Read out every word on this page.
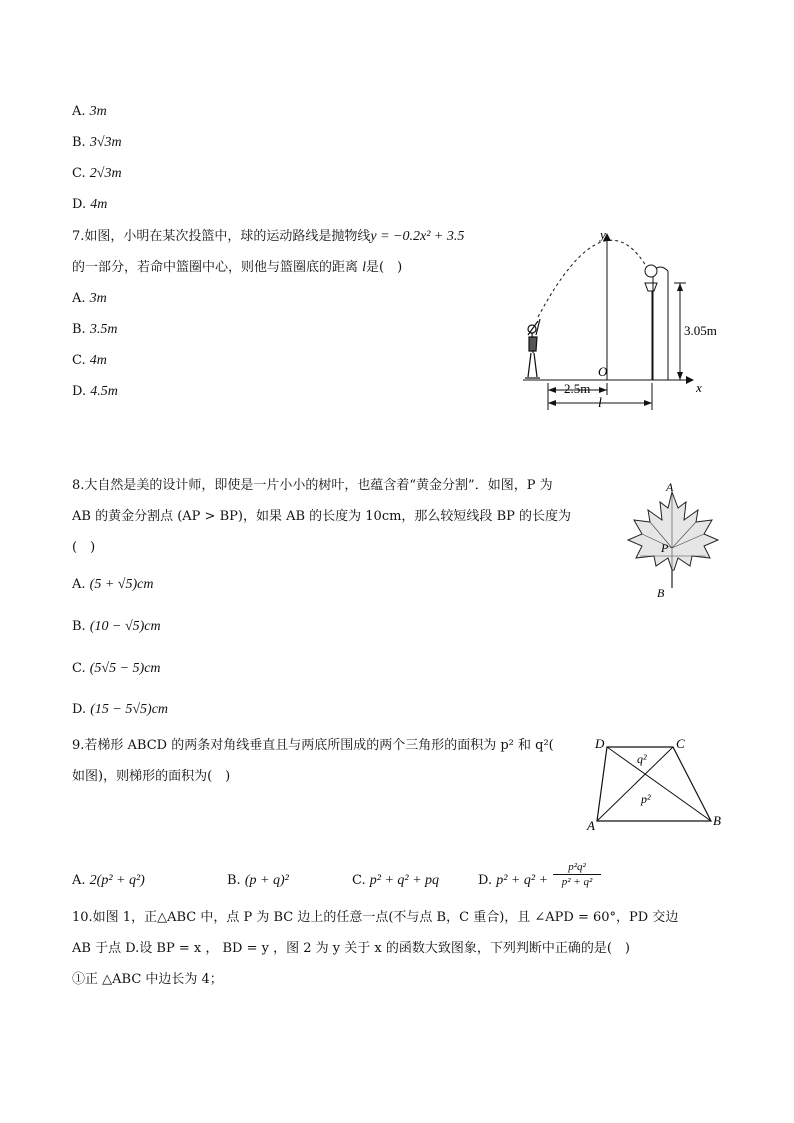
A. 3m
B. 3√3m
C. 2√3m
D. 4m
7.如图，小明在某次投篮中，球的运动路线是抛物线y = −0.2x² + 3.5
的一部分，若命中篮圈中心，则他与篮圈底的距离 l是(　)
A. 3m
B. 3.5m
C. 4m
D. 4.5m
y
x
O
3.05m
2.5m
l
8.大自然是美的设计师，即使是一片小小的树叶，也蕴含着“黄金分割”．如图，P 为
AB 的黄金分割点 (AP > BP)，如果 AB 的长度为 10cm，那么较短线段 BP 的长度为
(　)
A. (5 + √5)cm
B. (10 − √5)cm
C. (5√5 − 5)cm
D. (15 − 5√5)cm
A
P
B
9.若梯形 ABCD 的两条对角线垂直且与两底所围成的两个三角形的面积为 p² 和 q²(
如图)，则梯形的面积为(　)
D	C
A	B
q²
p²
A. 2(p² + q²)	B. (p + q)²	C. p² + q² + pq	D. $p^2 + q^2 + \frac{\text{p²q²}}{\text{p² + q²}}$
10.如图 1，正△ABC 中，点 P 为 BC 边上的任意一点(不与点 B，C 重合)，且 ∠APD = 60°，PD 交边
AB 于点 D.设 BP = x ， BD = y ，图 2 为 y 关于 x 的函数大致图象，下列判断中正确的是(　)
①正 △ABC 中边长为 4；
